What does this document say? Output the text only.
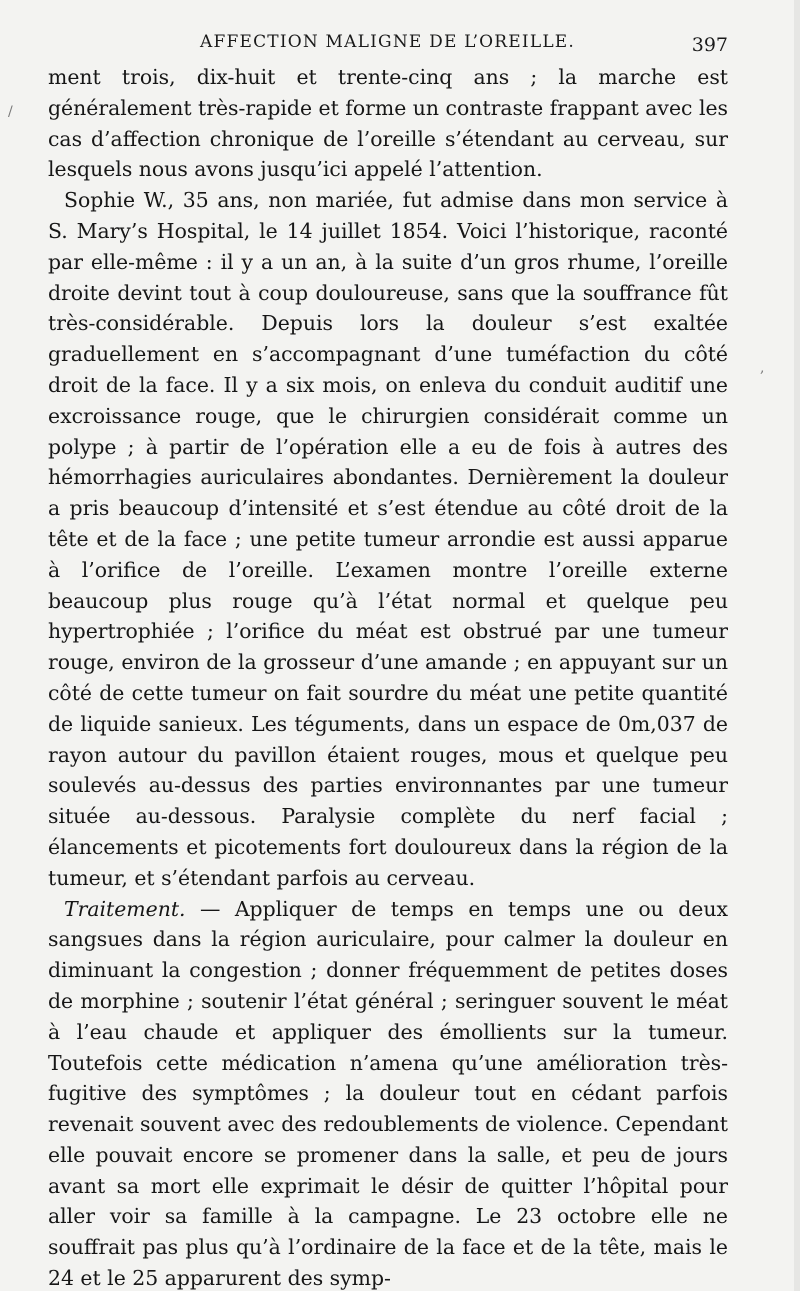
AFFECTION MALIGNE DE L’OREILLE.	397
/
,

ment trois, dix-huit et trente-cinq ans ; la marche est généralement très-rapide et forme un contraste frappant avec les cas d’affection chronique de l’oreille s’étendant au cerveau, sur lesquels nous avons jusqu’ici appelé l’attention.

Sophie W., 35 ans, non mariée, fut admise dans mon service à S. Mary’s Hospital, le 14 juillet 1854. Voici l’historique, raconté par elle-même : il y a un an, à la suite d’un gros rhume, l’oreille droite devint tout à coup douloureuse, sans que la souffrance fût très-considérable. Depuis lors la douleur s’est exaltée graduellement en s’accompagnant d’une tuméfaction du côté droit de la face. Il y a six mois, on enleva du conduit auditif une excroissance rouge, que le chirurgien considérait comme un polype ; à partir de l’opération elle a eu de fois à autres des hémorrhagies auriculaires abondantes. Dernièrement la douleur a pris beaucoup d’intensité et s’est étendue au côté droit de la tête et de la face ; une petite tumeur arrondie est aussi apparue à l’orifice de l’oreille. L’examen montre l’oreille externe beaucoup plus rouge qu’à l’état normal et quelque peu hypertrophiée ; l’orifice du méat est obstrué par une tumeur rouge, environ de la grosseur d’une amande ; en appuyant sur un côté de cette tumeur on fait sourdre du méat une petite quantité de liquide sanieux. Les téguments, dans un espace de 0m,037 de rayon autour du pavillon étaient rouges, mous et quelque peu soulevés au-dessus des parties environnantes par une tumeur située au-dessous. Paralysie complète du nerf facial ; élancements et picotements fort douloureux dans la région de la tumeur, et s’étendant parfois au cerveau.

Traitement. — Appliquer de temps en temps une ou deux sangsues dans la région auriculaire, pour calmer la douleur en diminuant la congestion ; donner fréquemment de petites doses de morphine ; soutenir l’état général ; seringuer souvent le méat à l’eau chaude et appliquer des émollients sur la tumeur. Toutefois cette médication n’amena qu’une amélioration très-fugitive des symptômes ; la douleur tout en cédant parfois revenait souvent avec des redoublements de violence. Cependant elle pouvait encore se promener dans la salle, et peu de jours avant sa mort elle exprimait le désir de quitter l’hôpital pour aller voir sa famille à la campagne. Le 23 octobre elle ne souffrait pas plus qu’à l’ordinaire de la face et de la tête, mais le 24 et le 25 apparurent des symp-
